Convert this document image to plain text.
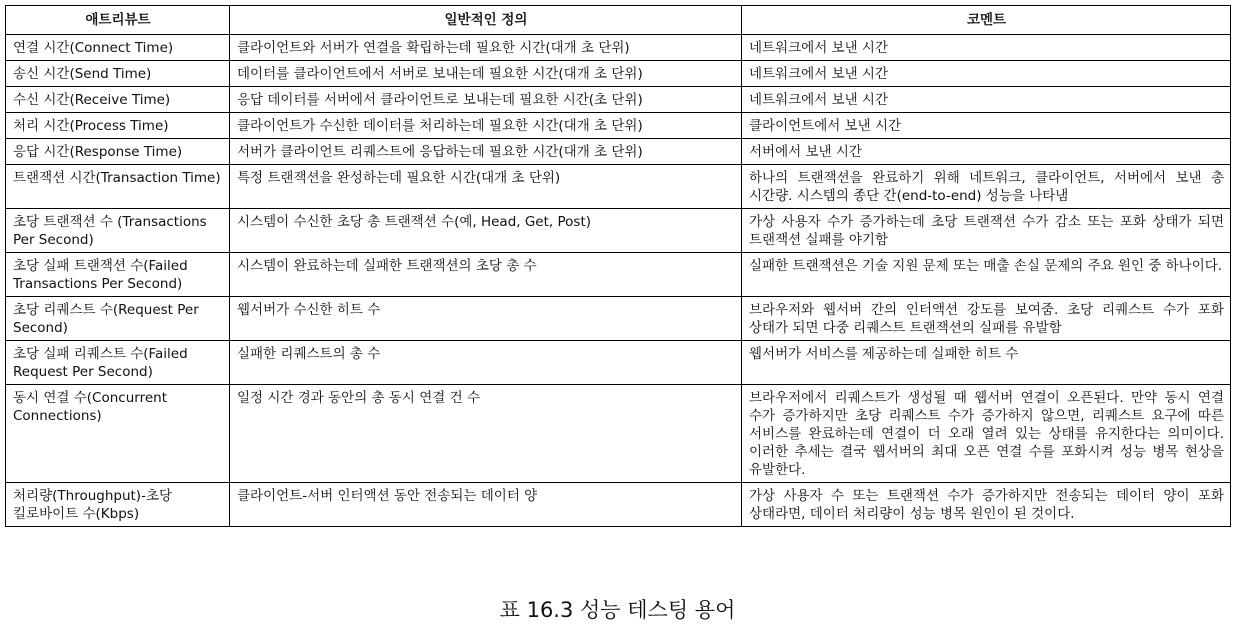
애트리뷰트	일반적인 정의	코멘트
연결 시간(Connect Time)	클라이언트와 서버가 연결을 확립하는데 필요한 시간(대개 초 단위)	네트워크에서 보낸 시간
송신 시간(Send Time)	데이터를 클라이언트에서 서버로 보내는데 필요한 시간(대개 초 단위)	네트워크에서 보낸 시간
수신 시간(Receive Time)	응답 데이터를 서버에서 클라이언트로 보내는데 필요한 시간(초 단위)	네트워크에서 보낸 시간
처리 시간(Process Time)	클라이언트가 수신한 데이터를 처리하는데 필요한 시간(대개 초 단위)	클라이언트에서 보낸 시간
응답 시간(Response Time)	서버가 클라이언트 리퀘스트에 응답하는데 필요한 시간(대개 초 단위)	서버에서 보낸 시간
트랜잭션 시간(Transaction Time)	특정 트랜잭션을 완성하는데 필요한 시간(대개 초 단위)	하나의 트랜잭션을 완료하기 위해 네트워크, 클라이언트, 서버에서 보낸 총 시간량. 시스템의 종단 간(end-to-end) 성능을 나타냄
초당 트랜잭션 수 (Transactions Per Second)	시스템이 수신한 초당 총 트랜잭션 수(예, Head, Get, Post)	가상 사용자 수가 증가하는데 초당 트랜잭션 수가 감소 또는 포화 상태가 되면 트랜잭션 실패를 야기함
초당 실패 트랜잭션 수(Failed Transactions Per Second)	시스템이 완료하는데 실패한 트랜잭션의 초당 총 수	실패한 트랜잭션은 기술 지원 문제 또는 매출 손실 문제의 주요 원인 중 하나이다.
초당 리퀘스트 수(Request Per Second)	웹서버가 수신한 히트 수	브라우저와 웹서버 간의 인터액션 강도를 보여줌. 초당 리퀘스트 수가 포화 상태가 되면 다중 리퀘스트 트랜잭션의 실패를 유발함
초당 실패 리퀘스트 수(Failed Request Per Second)	실패한 리퀘스트의 총 수	웹서버가 서비스를 제공하는데 실패한 히트 수
동시 연결 수(Concurrent Connections)	일정 시간 경과 동안의 총 동시 연결 건 수	브라우저에서 리퀘스트가 생성될 때 웹서버 연결이 오픈된다. 만약 동시 연결 수가 증가하지만 초당 리퀘스트 수가 증가하지 않으면, 리퀘스트 요구에 따른 서비스를 완료하는데 연결이 더 오래 열려 있는 상태를 유지한다는 의미이다. 이러한 추세는 결국 웹서버의 최대 오픈 연결 수를 포화시켜 성능 병목 현상을 유발한다.
처리량(Throughput)-초당 킬로바이트 수(Kbps)	클라이언트-서버 인터액션 동안 전송되는 데이터 양	가상 사용자 수 또는 트랜잭션 수가 증가하지만 전송되는 데이터 양이 포화 상태라면, 데이터 처리량이 성능 병목 원인이 된 것이다.
표 16.3 성능 테스팅 용어
